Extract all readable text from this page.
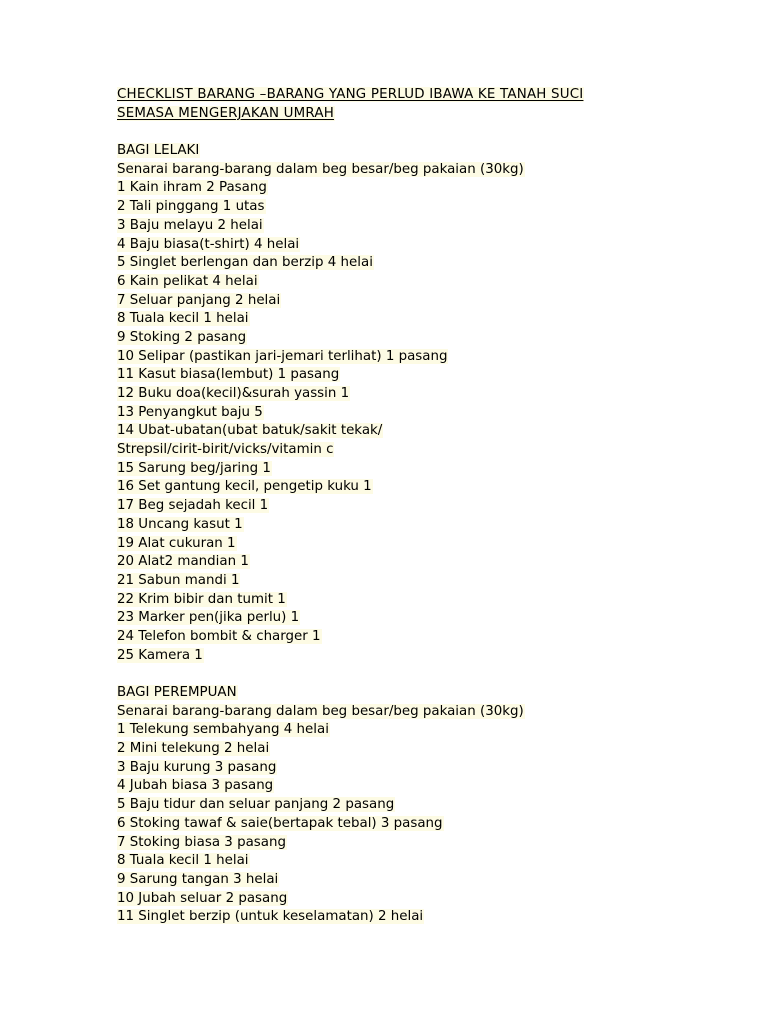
CHECKLIST BARANG –BARANG YANG PERLUD IBAWA KE TANAH SUCI
SEMASA MENGERJAKAN UMRAH
BAGI LELAKI
Senarai barang-barang dalam beg besar/beg pakaian (30kg)
1 Kain ihram 2 Pasang
2 Tali pinggang 1 utas
3 Baju melayu 2 helai
4 Baju biasa(t-shirt) 4 helai
5 Singlet berlengan dan berzip 4 helai
6 Kain pelikat 4 helai
7 Seluar panjang 2 helai
8 Tuala kecil 1 helai
9 Stoking 2 pasang
10 Selipar (pastikan jari-jemari terlihat) 1 pasang
11 Kasut biasa(lembut) 1 pasang
12 Buku doa(kecil)&surah yassin 1
13 Penyangkut baju 5
14 Ubat-ubatan(ubat batuk/sakit tekak/
Strepsil/cirit-birit/vicks/vitamin c
15 Sarung beg/jaring 1
16 Set gantung kecil, pengetip kuku 1
17 Beg sejadah kecil 1
18 Uncang kasut 1
19 Alat cukuran 1
20 Alat2 mandian 1
21 Sabun mandi 1
22 Krim bibir dan tumit 1
23 Marker pen(jika perlu) 1
24 Telefon bombit & charger 1
25 Kamera 1
BAGI PEREMPUAN
Senarai barang-barang dalam beg besar/beg pakaian (30kg)
1 Telekung sembahyang 4 helai
2 Mini telekung 2 helai
3 Baju kurung 3 pasang
4 Jubah biasa 3 pasang
5 Baju tidur dan seluar panjang 2 pasang
6 Stoking tawaf & saie(bertapak tebal) 3 pasang
7 Stoking biasa 3 pasang
8 Tuala kecil 1 helai
9 Sarung tangan 3 helai
10 Jubah seluar 2 pasang
11 Singlet berzip (untuk keselamatan) 2 helai
